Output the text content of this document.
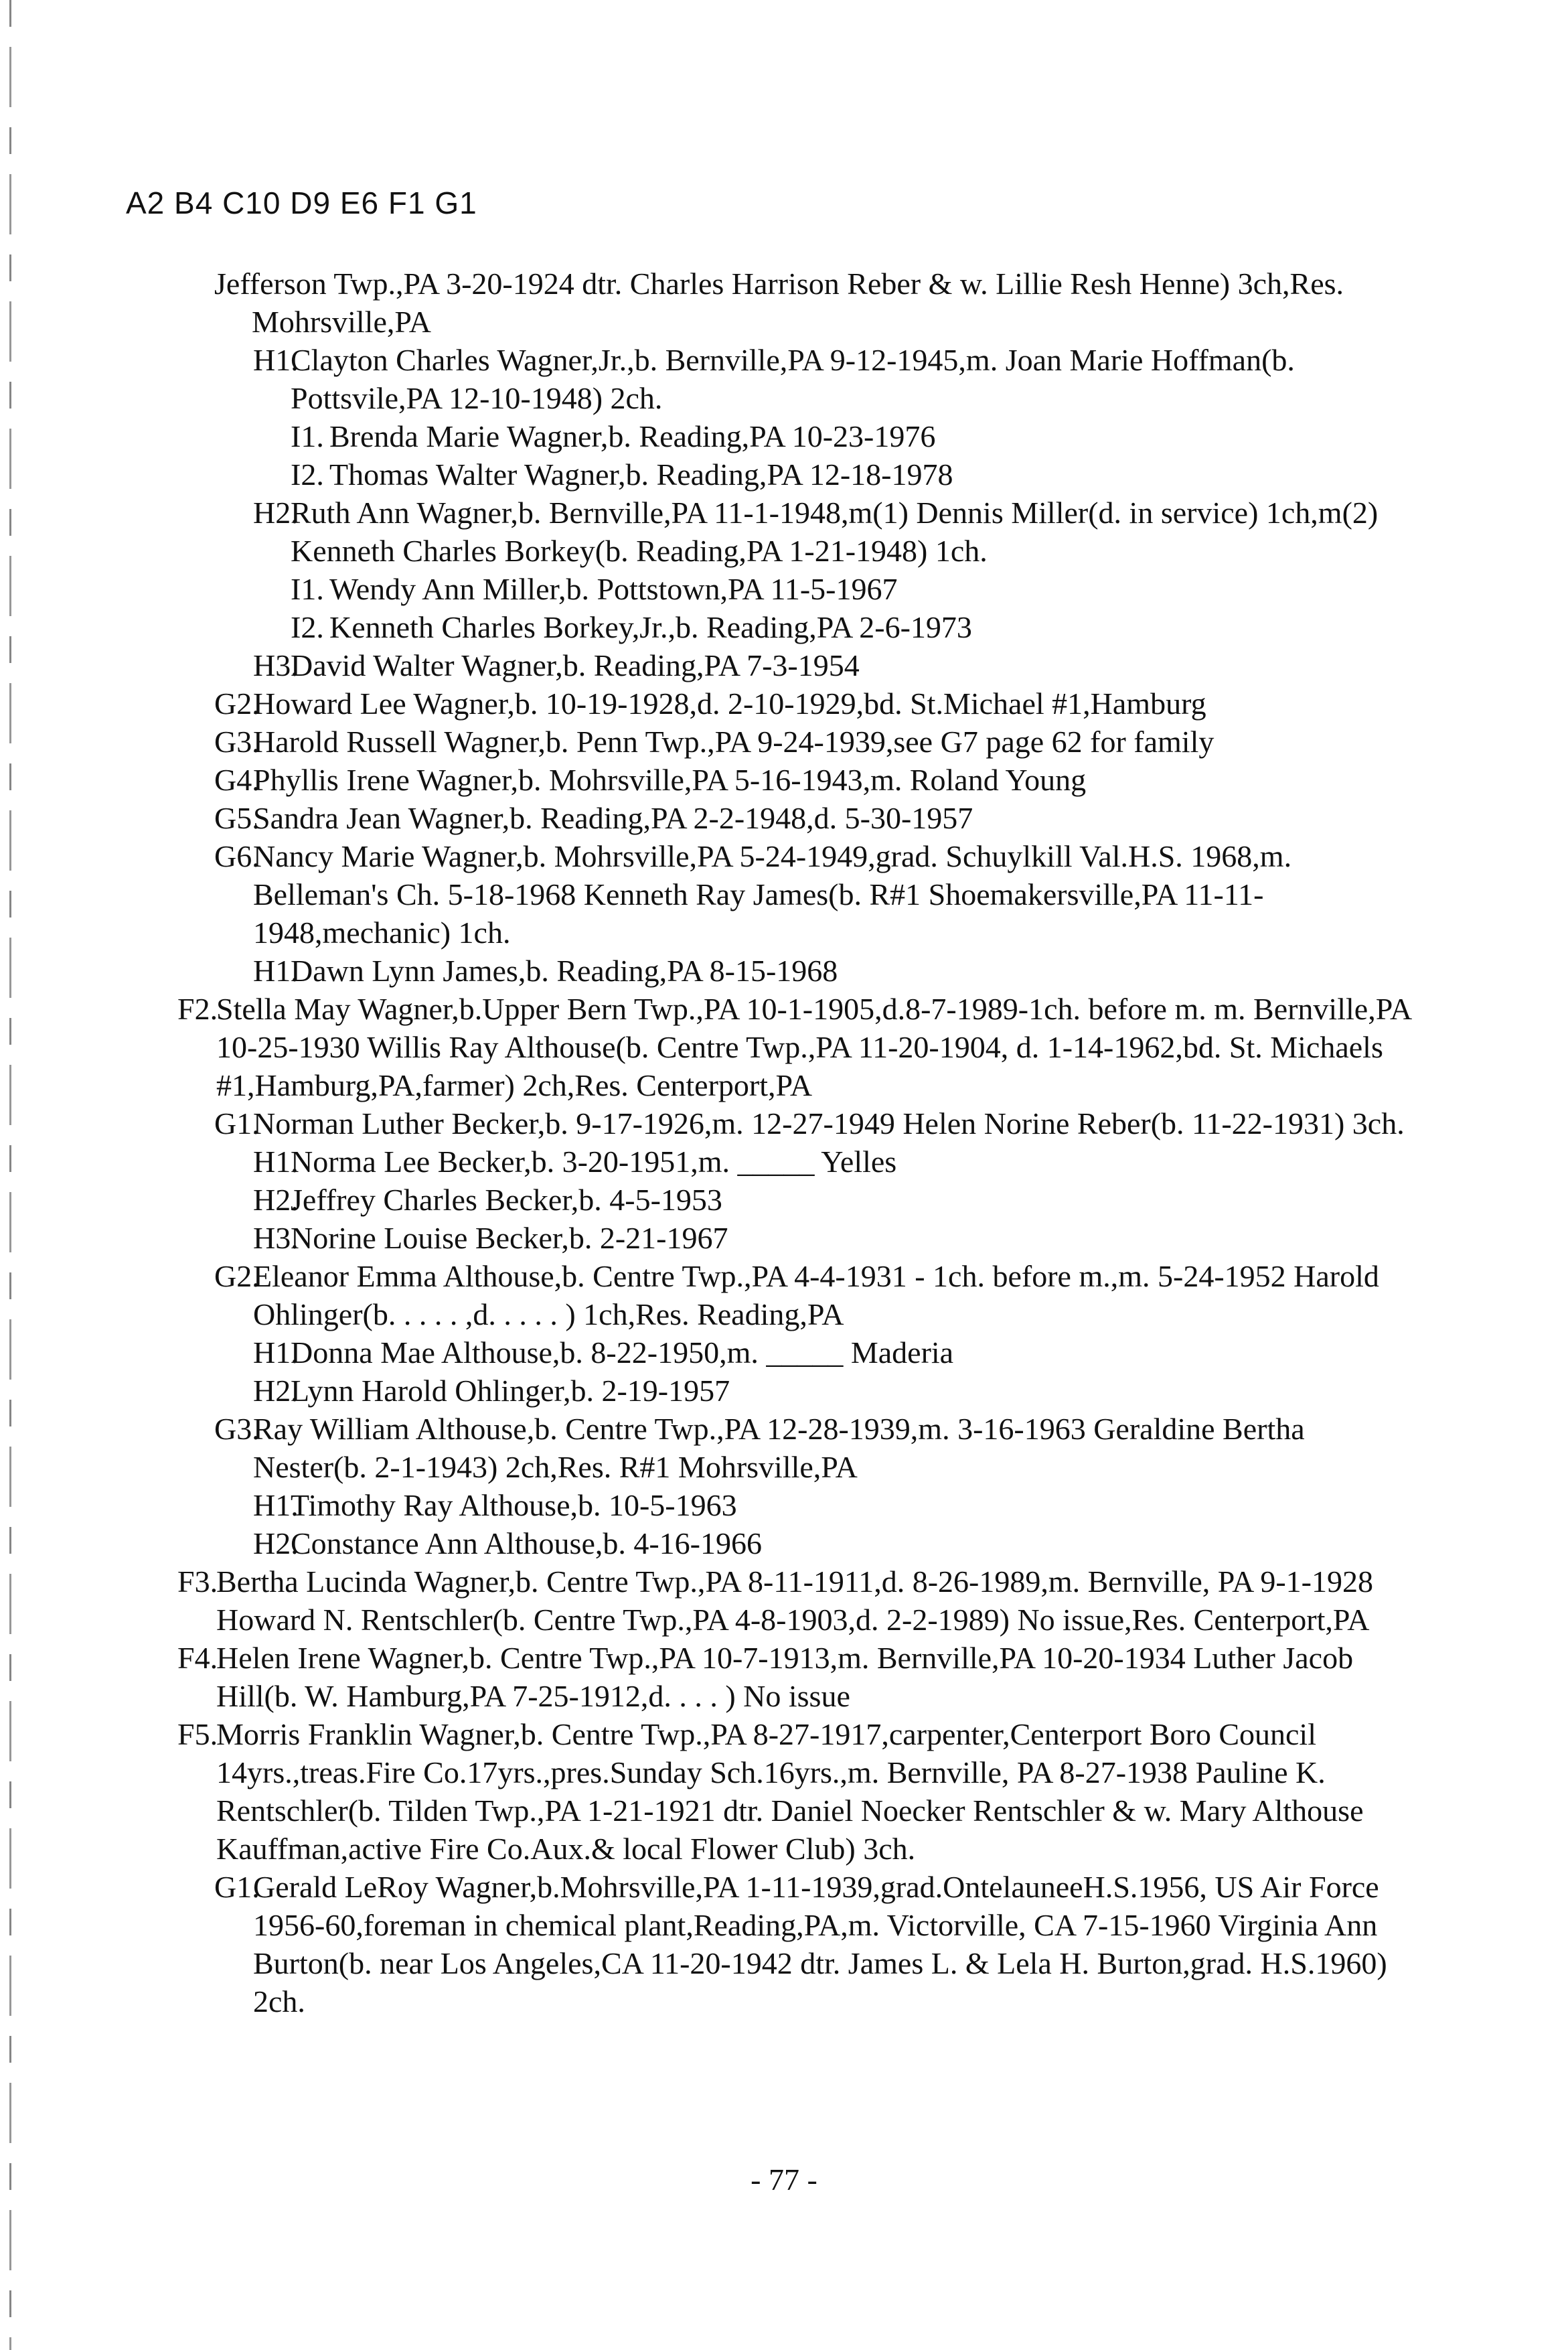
A2 B4 C10 D9 E6 F1 G1
Jefferson Twp.,PA 3-20-1924 dtr. Charles Harrison Reber & w. Lillie Resh Henne) 3ch,Res. Mohrsville,PA
H1.Clayton Charles Wagner,Jr.,b. Bernville,PA 9-12-1945,m. Joan Marie Hoffman(b. Pottsvile,PA 12-10-1948) 2ch.
I1. Brenda Marie Wagner,b. Reading,PA 10-23-1976
I2. Thomas Walter Wagner,b. Reading,PA 12-18-1978
H2.Ruth Ann Wagner,b. Bernville,PA 11-1-1948,m(1) Dennis Miller(d. in service) 1ch,m(2) Kenneth Charles Borkey(b. Reading,PA 1-21-1948) 1ch.
I1. Wendy Ann Miller,b. Pottstown,PA 11-5-1967
I2. Kenneth Charles Borkey,Jr.,b. Reading,PA 2-6-1973
H3.David Walter Wagner,b. Reading,PA 7-3-1954
G2.Howard Lee Wagner,b. 10-19-1928,d. 2-10-1929,bd. St.Michael #1,Hamburg
G3.Harold Russell Wagner,b. Penn Twp.,PA 9-24-1939,see G7 page 62 for family
G4.Phyllis Irene Wagner,b. Mohrsville,PA 5-16-1943,m. Roland Young
G5.Sandra Jean Wagner,b. Reading,PA 2-2-1948,d. 5-30-1957
G6.Nancy Marie Wagner,b. Mohrsville,PA 5-24-1949,grad. Schuylkill Val.H.S. 1968,m. Belleman's Ch. 5-18-1968 Kenneth Ray James(b. R#1 Shoemakersville,PA 11-11-1948,mechanic) 1ch.
H1.Dawn Lynn James,b. Reading,PA 8-15-1968
F2.Stella May Wagner,b.Upper Bern Twp.,PA 10-1-1905,d.8-7-1989-1ch. before m. m. Bernville,PA 10-25-1930 Willis Ray Althouse(b. Centre Twp.,PA 11-20-1904, d. 1-14-1962,bd. St. Michaels #1,Hamburg,PA,farmer) 2ch,Res. Centerport,PA
G1.Norman Luther Becker,b. 9-17-1926,m. 12-27-1949 Helen Norine Reber(b. 11-22-1931) 3ch.
H1.Norma Lee Becker,b. 3-20-1951,m. _____ Yelles
H2.Jeffrey Charles Becker,b. 4-5-1953
H3.Norine Louise Becker,b. 2-21-1967
G2.Eleanor Emma Althouse,b. Centre Twp.,PA 4-4-1931 - 1ch. before m.,m. 5-24-1952 Harold Ohlinger(b. . . . . ,d. . . . . ) 1ch,Res. Reading,PA
H1.Donna Mae Althouse,b. 8-22-1950,m. _____ Maderia
H2.Lynn Harold Ohlinger,b. 2-19-1957
G3.Ray William Althouse,b. Centre Twp.,PA 12-28-1939,m. 3-16-1963 Geraldine Bertha Nester(b. 2-1-1943) 2ch,Res. R#1 Mohrsville,PA
H1.Timothy Ray Althouse,b. 10-5-1963
H2.Constance Ann Althouse,b. 4-16-1966
F3.Bertha Lucinda Wagner,b. Centre Twp.,PA 8-11-1911,d. 8-26-1989,m. Bernville, PA 9-1-1928 Howard N. Rentschler(b. Centre Twp.,PA 4-8-1903,d. 2-2-1989) No issue,Res. Centerport,PA
F4.Helen Irene Wagner,b. Centre Twp.,PA 10-7-1913,m. Bernville,PA 10-20-1934 Luther Jacob Hill(b. W. Hamburg,PA 7-25-1912,d. . . . ) No issue
F5.Morris Franklin Wagner,b. Centre Twp.,PA 8-27-1917,carpenter,Centerport Boro Council 14yrs.,treas.Fire Co.17yrs.,pres.Sunday Sch.16yrs.,m. Bernville, PA 8-27-1938 Pauline K. Rentschler(b. Tilden Twp.,PA 1-21-1921 dtr. Daniel Noecker Rentschler & w. Mary Althouse Kauffman,active Fire Co.Aux.& local Flower Club) 3ch.
G1.Gerald LeRoy Wagner,b.Mohrsville,PA 1-11-1939,grad.OntelauneeH.S.1956, US Air Force 1956-60,foreman in chemical plant,Reading,PA,m. Victorville, CA 7-15-1960 Virginia Ann Burton(b. near Los Angeles,CA 11-20-1942 dtr. James L. & Lela H. Burton,grad. H.S.1960) 2ch.
- 77 -
